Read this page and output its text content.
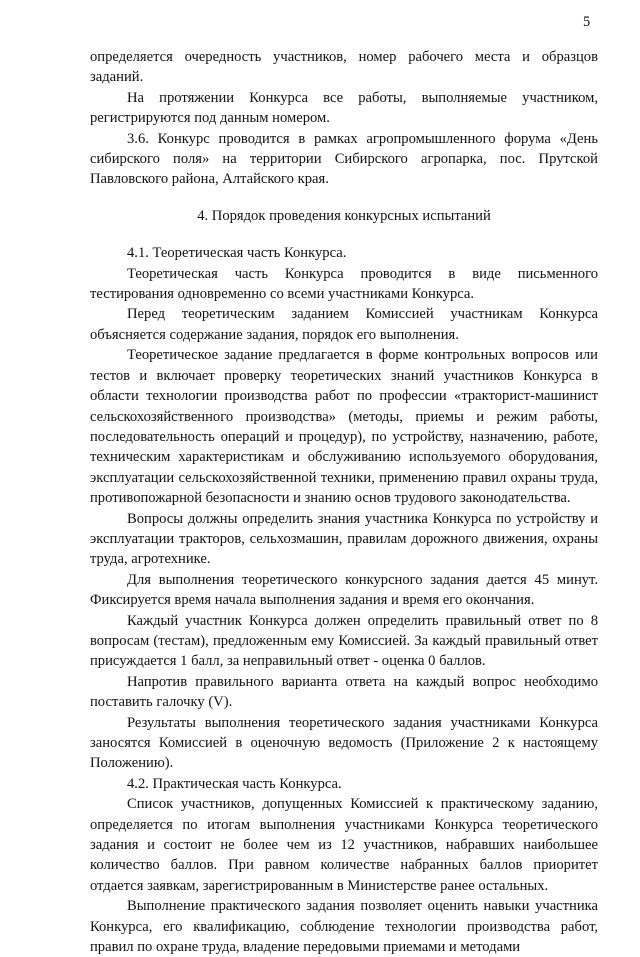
5

определяется очередность участников, номер рабочего места и образцов заданий.

На протяжении Конкурса все работы, выполняемые участником, регистрируются под данным номером.

3.6. Конкурс проводится в рамках агропромышленного форума «День сибирского поля» на территории Сибирского агропарка, пос. Прутской Павловского района, Алтайского края.

4. Порядок проведения конкурсных испытаний

4.1. Теоретическая часть Конкурса.

Теоретическая часть Конкурса проводится в виде письменного тестирования одновременно со всеми участниками Конкурса.

Перед теоретическим заданием Комиссией участникам Конкурса объясняется содержание задания, порядок его выполнения.

Теоретическое задание предлагается в форме контрольных вопросов или тестов и включает проверку теоретических знаний участников Конкурса в области технологии производства работ по профессии «тракторист-машинист сельскохозяйственного производства» (методы, приемы и режим работы, последовательность операций и процедур), по устройству, назначению, работе, техническим характеристикам и обслуживанию используемого оборудования, эксплуатации сельскохозяйственной техники, применению правил охраны труда, противопожарной безопасности и знанию основ трудового законодательства.

Вопросы должны определить знания участника Конкурса по устройству и эксплуатации тракторов, сельхозмашин, правилам дорожного движения, охраны труда, агротехнике.

Для выполнения теоретического конкурсного задания дается 45 минут. Фиксируется время начала выполнения задания и время его окончания.

Каждый участник Конкурса должен определить правильный ответ по 8 вопросам (тестам), предложенным ему Комиссией. За каждый правильный ответ присуждается 1 балл, за неправильный ответ - оценка 0 баллов.

Напротив правильного варианта ответа на каждый вопрос необходимо поставить галочку (V).

Результаты выполнения теоретического задания участниками Конкурса заносятся Комиссией в оценочную ведомость (Приложение 2 к настоящему Положению).

4.2. Практическая часть Конкурса.

Список участников, допущенных Комиссией к практическому заданию, определяется по итогам выполнения участниками Конкурса теоретического задания и состоит не более чем из 12 участников, набравших наибольшее количество баллов. При равном количестве набранных баллов приоритет отдается заявкам, зарегистрированным в Министерстве ранее остальных.

Выполнение практического задания позволяет оценить навыки участника Конкурса, его квалификацию, соблюдение технологии производства работ, правил по охране труда, владение передовыми приемами и методами
